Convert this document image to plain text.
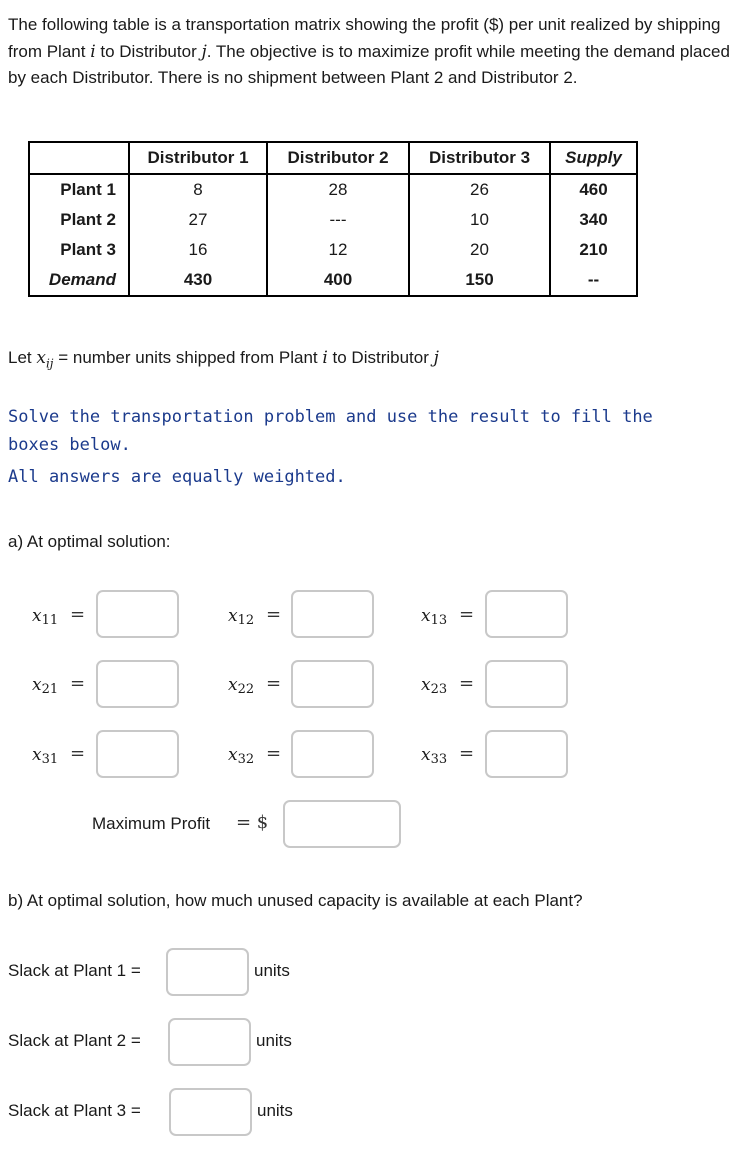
The following table is a transportation matrix showing the profit ($) per unit realized by shipping from Plant i to Distributor j. The objective is to maximize profit while meeting the demand placed by each Distributor. There is no shipment between Plant 2 and Distributor 2.
	Distributor 1	Distributor 2	Distributor 3	Supply
Plant 1	8	28	26	460
Plant 2	27	---	10	340
Plant 3	16	12	20	210
Demand	430	400	150	--
Let $x_{ij}$ = number units shipped from Plant i to Distributor j
Solve the transportation problem and use the result to fill the
boxes below.
All answers are equally weighted.
a) At optimal solution:
$x_{11}$ =	$x_{12}$ =	$x_{13}$ =
$x_{21}$ =	$x_{22}$ =	$x_{23}$ =
$x_{31}$ =	$x_{32}$ =	$x_{33}$ =
Maximum Profit = $
b) At optimal solution, how much unused capacity is available at each Plant?
Slack at Plant 1 =	units
Slack at Plant 2 =	units
Slack at Plant 3 =	units
